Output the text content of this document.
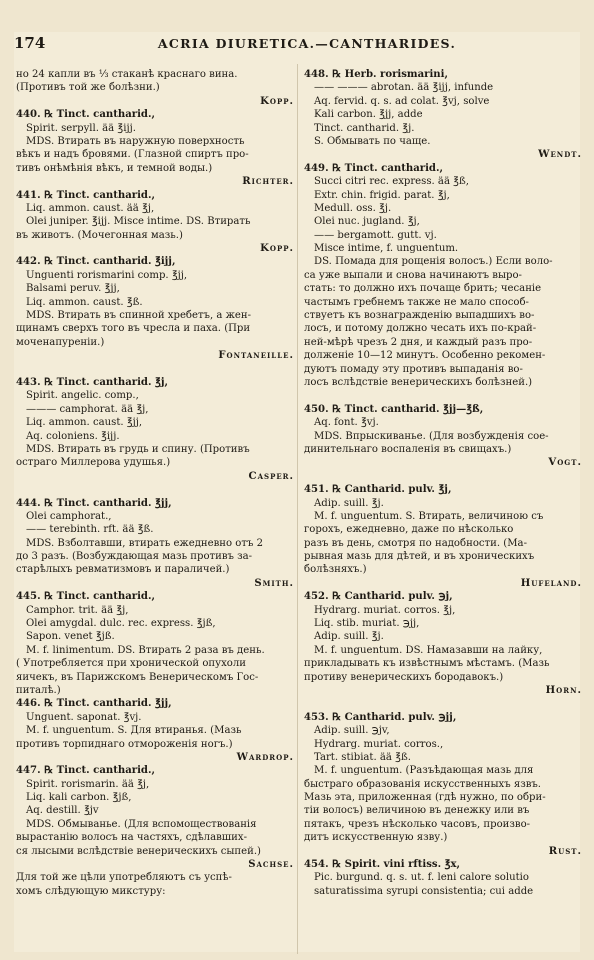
174	ACRIA DIURETICA.—CANTHARIDES.
но 24 капли въ ⅓ стаканѣ краснаго вина.
(Противъ той же болѣзни.)
Kopp.
440. ℞ Tinct. cantharid.,
Spirit. serpyll. ää ℥ijj.
MDS. Втирать въ наружную поверхность
вѣкъ и надъ бровями. (Глазной спиртъ про-
тивъ онѣмѣнія вѣкъ, и темной воды.)
Richter.
441. ℞ Tinct. cantharid.,
Liq. ammon. caust. ää ℥j,
Olei juniper. ℥ijj. Misce intime. DS. Втирать
въ животъ. (Мочегонная мазь.)
Kopp.
442. ℞ Tinct. cantharid. ℥ijj,
Unguenti rorismarini comp. ℥jj,
Balsami peruv. ℥jj,
Liq. ammon. caust. ℥ß.
MDS. Втирать въ спинной хребетъ, а жен-
щинамъ сверхъ того въ чресла и паха. (При
моченапуреніи.)
Fontaneille.
443. ℞ Tinct. cantharid. ℥j,
Spirit. angelic. comp.,
——— camphorat. ää ℥j,
Liq. ammon. caust. ℥jj,
Aq. coloniens. ℥ijj.
MDS. Втирать въ грудь и спину. (Противъ
остраго Миллерова удушья.)
Casper.
444. ℞ Tinct. cantharid. ℥jj,
Olei camphorat.,
—— terebinth. rft. ää ℥ß.
MDS. Взболтавши, втирать ежедневно отъ 2
до 3 разъ. (Возбуждающая мазь противъ за-
старѣлыхъ ревматизмовъ и параличей.)
Smith.
445. ℞ Tinct. cantharid.,
Camphor. trit. ää ℥j,
Olei amygdal. dulc. rec. express. ℥jß,
Sapon. venet ℥jß.
M. f. linimentum. DS. Втирать 2 раза въ день.
( Употребляется при хронической опухоли
яичекъ, въ Парижскомъ Венерическомъ Гос-
питалѣ.)
446. ℞ Tinct. cantharid. ℥jj,
Unguent. saponat. ℥vj.
M. f. unguentum. S. Для втиранья. (Мазь
противъ торпиднаго отмороженія ногъ.)
Wardrop.
447. ℞ Tinct. cantharid.,
Spirit. rorismarin. ää ℥j,
Liq. kali carbon. ℥jß,
Aq. destill. ℥jv
MDS. Обмыванье. (Для вспомоществованія
вырастанію волосъ на частяхъ, сдѣлавших-
ся лысыми вслѣдствіе венерическихъ сыпей.)
Sachse.
Для той же цѣли употребляютъ съ успѣ-
хомъ слѣдующую микстуру:
448. ℞ Herb. rorismarini,
—— ——— abrotan. ää ℥ijj, infunde
Aq. fervid. q. s. ad colat. ℥vj, solve
Kali carbon. ℥jj, adde
Tinct. cantharid. ℥j.
S. Обмывать по чаще.
Wendt.
449. ℞ Tinct. cantharid.,
Succi citri rec. express. ää ℥ß,
Extr. chin. frigid. parat. ℥j,
Medull. oss. ℥j.
Olei nuc. jugland. ℥j,
—— bergamott. gutt. vj.
Misce intime, f. unguentum.
DS. Помада для рощенія волосъ.) Если воло-
са уже выпали и снова начинаютъ выро-
стать: то должно ихъ почаще брить; чесаніе
частымъ гребнемъ также не мало способ-
ствуетъ къ вознагражденію выпадшихъ во-
лосъ, и потому должно чесать ихъ по-край-
ней-мѣрѣ чрезъ 2 дня, и каждый разъ про-
долженіе 10—12 минутъ. Особенно рекомен-
дуютъ помаду эту противъ выпаданія во-
лосъ вслѣдствіе венерическихъ болѣзней.)
450. ℞ Tinct. cantharid. ℥jj—℥ß,
Aq. font. ℥vj.
MDS. Впрыскиванье. (Для возбужденія сое-
динительнаго воспаленія въ свищахъ.)
Vogt.
451. ℞ Cantharid. pulv. ℥j,
Adip. suill. ℥j.
M. f. unguentum. S. Втирать, величиною съ
горохъ, ежедневно, даже по нѣсколько
разъ въ день, смотря по надобности. (Ма-
рывная мазь для дѣтей, и въ хроническихъ
болѣзняхъ.)
Hufeland.
452. ℞ Cantharid. pulv. ℈j,
Hydrarg. muriat. corros. ℥j,
Liq. stib. muriat. ℈jj,
Adip. suill. ℥j.
M. f. unguentum. DS. Намазавши на лайку,
прикладывать къ извѣстнымъ мѣстамъ. (Мазь
противу венерическихъ бородавокъ.)
Horn.
453. ℞ Cantharid. pulv. ℈jj,
Adip. suill. ℈jv,
Hydrarg. muriat. corros.,
Tart. stibiat. ää ℥ß.
M. f. unguentum. (Разъѣдающая мазь для
быстраго образованія искусственныхъ язвъ.
Мазь эта, приложенная (гдѣ нужно, по обри-
тіи волосъ) величиною въ денежку или въ
пятакъ, чрезъ нѣсколько часовъ, произво-
дитъ искусственную язву.)
Rust.
454. ℞ Spirit. vini rftiss. ℥x,
Pic. burgund. q. s. ut. f. leni calore solutio
saturatissima syrupi consistentia; cui adde
